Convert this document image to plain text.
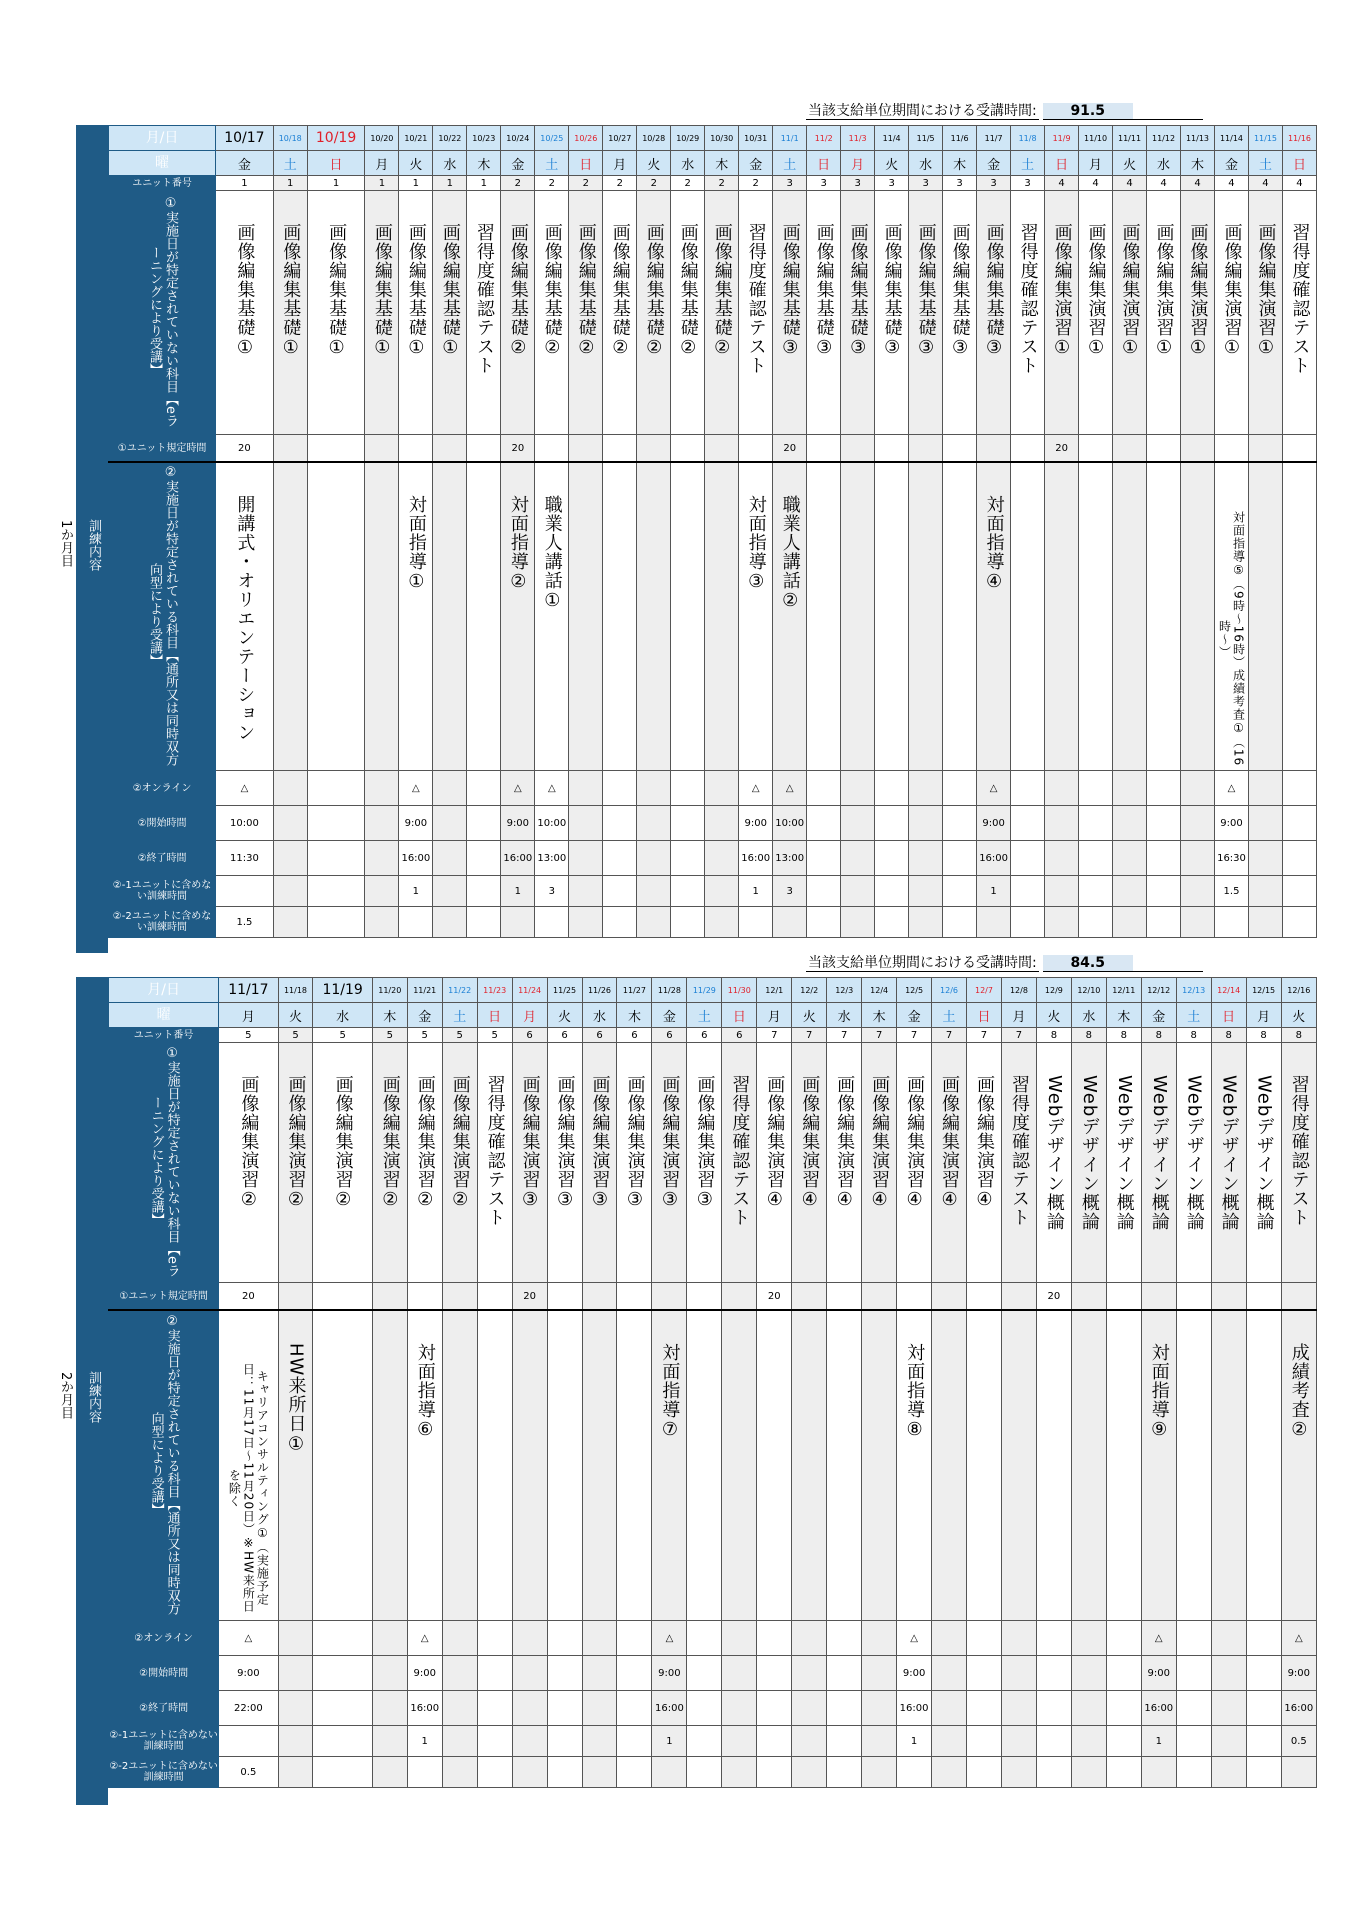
当該支給単位期間における受講時間: 91.5
1か月目	訓練内容
月/日	10/17	10/18	10/19	10/20	10/21	10/22	10/23	10/24	10/25	10/26	10/27	10/28	10/29	10/30	10/31	11/1	11/2	11/3	11/4	11/5	11/6	11/7	11/8	11/9	11/10	11/11	11/12	11/13	11/14	11/15	11/16
曜	金	土	日	月	火	水	木	金	土	日	月	火	水	木	金	土	日	月	火	水	木	金	土	日	月	火	水	木	金	土	日
ユニット番号	1	1	1	1	1	1	1	2	2	2	2	2	2	2	2	3	3	3	3	3	3	3	3	4	4	4	4	4	4	4	4
①実施日が特定されていない科目【eラーニングにより受講】	画像編集基礎①	画像編集基礎①	画像編集基礎①	画像編集基礎①	画像編集基礎①	画像編集基礎①	習得度確認テスト	画像編集基礎②	画像編集基礎②	画像編集基礎②	画像編集基礎②	画像編集基礎②	画像編集基礎②	画像編集基礎②	習得度確認テスト	画像編集基礎③	画像編集基礎③	画像編集基礎③	画像編集基礎③	画像編集基礎③	画像編集基礎③	画像編集基礎③	習得度確認テスト	画像編集演習①	画像編集演習①	画像編集演習①	画像編集演習①	画像編集演習①	画像編集演習①	画像編集演習①	習得度確認テスト
①ユニット規定時間	20							20								20								20							
②実施日が特定されている科目【通所又は同時双方向型により受講】	開講式・オリエンテーション				対面指導①			対面指導②	職業人講話①						対面指導③	職業人講話②						対面指導④							対面指導⑤（9時～16時）成績考査①（16時～）		
②オンライン	△				△			△	△						△	△						△							△		
②開始時間	10:00				9:00			9:00	10:00						9:00	10:00						9:00							9:00		
②終了時間	11:30				16:00			16:00	13:00						16:00	13:00						16:00							16:30		
②-1ユニットに含めない訓練時間					1			1	3						1	3						1							1.5		
②-2ユニットに含めない訓練時間	1.5																														
当該支給単位期間における受講時間: 84.5
2か月目	訓練内容
月/日	11/17	11/18	11/19	11/20	11/21	11/22	11/23	11/24	11/25	11/26	11/27	11/28	11/29	11/30	12/1	12/2	12/3	12/4	12/5	12/6	12/7	12/8	12/9	12/10	12/11	12/12	12/13	12/14	12/15	12/16
曜	月	火	水	木	金	土	日	月	火	水	木	金	土	日	月	火	水	木	金	土	日	月	火	水	木	金	土	日	月	火
ユニット番号	5	5	5	5	5	5	5	6	6	6	6	6	6	6	7	7	7	7	7	7	7	7	8	8	8	8	8	8	8	8
①実施日が特定されていない科目【eラーニングにより受講】	画像編集演習②	画像編集演習②	画像編集演習②	画像編集演習②	画像編集演習②	画像編集演習②	習得度確認テスト	画像編集演習③	画像編集演習③	画像編集演習③	画像編集演習③	画像編集演習③	画像編集演習③	習得度確認テスト	画像編集演習④	画像編集演習④	画像編集演習④	画像編集演習④	画像編集演習④	画像編集演習④	画像編集演習④	習得度確認テスト	Webデザイン概論	Webデザイン概論	Webデザイン概論	Webデザイン概論	Webデザイン概論	Webデザイン概論	Webデザイン概論	習得度確認テスト
①ユニット規定時間	20							20							20								20							
②実施日が特定されている科目【通所又は同時双方向型により受講】	キャリアコンサルティング①（実施予定日：11月17日～11月20日）※HW来所日を除く	HW来所日①			対面指導⑥							対面指導⑦							対面指導⑧							対面指導⑨				成績考査②
②オンライン	△				△							△							△							△				△
②開始時間	9:00				9:00							9:00							9:00							9:00				9:00
②終了時間	22:00				16:00							16:00							16:00							16:00				16:00
②-1ユニットに含めない訓練時間					1							1							1							1				0.5
②-2ユニットに含めない訓練時間	0.5																													
